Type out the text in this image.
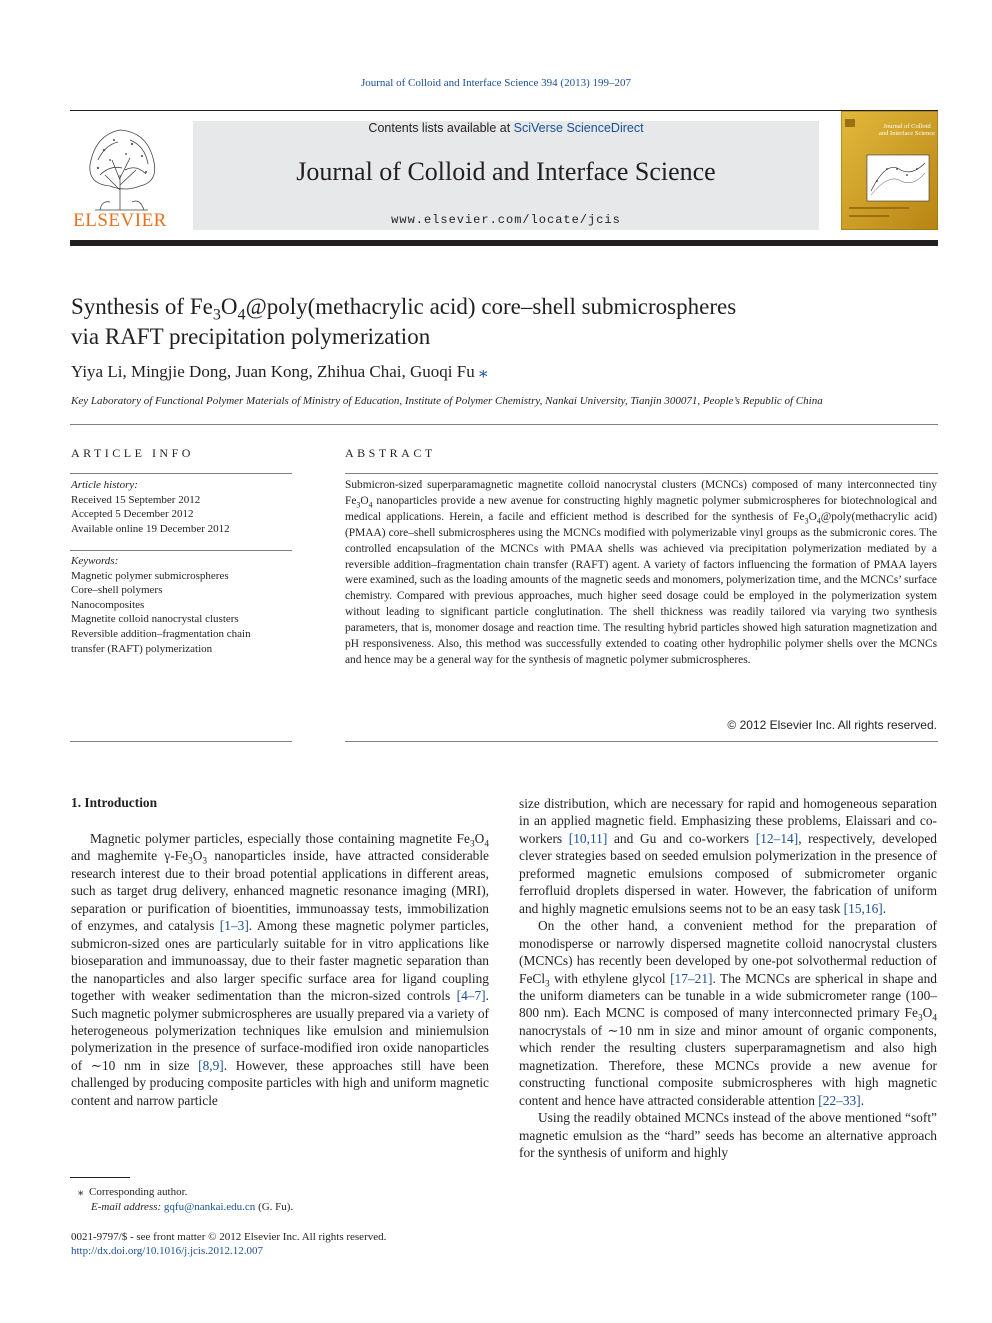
Journal of Colloid and Interface Science 394 (2013) 199–207
ELSEVIER
Contents lists available at SciVerse ScienceDirect
Journal of Colloid and Interface Science
www.elsevier.com/locate/jcis
Journal of Colloid and Interface Science
Synthesis of $Fe_3O_4@poly(methacrylic$ acid) core–shell submicrospheres
via RAFT precipitation polymerization
Yiya Li, Mingjie Dong, Juan Kong, Zhihua Chai, Guoqi Fu ⁎
Key Laboratory of Functional Polymer Materials of Ministry of Education, Institute of Polymer Chemistry, Nankai University, Tianjin 300071, People’s Republic of China
ARTICLE INFO
Article history:
Received 15 September 2012
Accepted 5 December 2012
Available online 19 December 2012
Keywords:
Magnetic polymer submicrospheres
Core–shell polymers
Nanocomposites
Magnetite colloid nanocrystal clusters
Reversible addition–fragmentation chain
transfer (RAFT) polymerization
ABSTRACT
Submicron-sized superparamagnetic magnetite colloid nanocrystal clusters (MCNCs) composed of many interconnected tiny $Fe_3O_4$ nanoparticles provide a new avenue for constructing highly magnetic polymer submicrospheres for biotechnological and medical applications. Herein, a facile and efficient method is described for the synthesis of $Fe_3O_4@poly(methacrylic$ acid) (PMAA) core–shell submicrospheres using the MCNCs modified with polymerizable vinyl groups as the submicronic cores. The controlled encapsulation of the MCNCs with PMAA shells was achieved via precipitation polymerization mediated by a reversible addition–fragmentation chain transfer (RAFT) agent. A variety of factors influencing the formation of PMAA layers were examined, such as the loading amounts of the magnetic seeds and monomers, polymerization time, and the MCNCs’ surface chemistry. Compared with previous approaches, much higher seed dosage could be employed in the polymerization system without leading to significant particle conglutination. The shell thickness was readily tailored via varying two synthesis parameters, that is, monomer dosage and reaction time. The resulting hybrid particles showed high saturation magnetization and pH responsiveness. Also, this method was successfully extended to coating other hydrophilic polymer shells over the MCNCs and hence may be a general way for the synthesis of magnetic polymer submicrospheres.
© 2012 Elsevier Inc. All rights reserved.
1. Introduction

Magnetic polymer particles, especially those containing magnetite $Fe_3O_4$ and maghemite $\gamma-Fe_3O_3$ nanoparticles inside, have attracted considerable research interest due to their broad potential applications in different areas, such as target drug delivery, enhanced magnetic resonance imaging (MRI), separation or purification of bioentities, immunoassay tests, immobilization of enzymes, and catalysis [1–3]. Among these magnetic polymer particles, submicron-sized ones are particularly suitable for in vitro applications like bioseparation and immunoassay, due to their faster magnetic separation than the nanoparticles and also larger specific surface area for ligand coupling together with weaker sedimentation than the micron-sized controls [4–7]. Such magnetic polymer submicrospheres are usually prepared via a variety of heterogeneous polymerization techniques like emulsion and miniemulsion polymerization in the presence of surface-modified iron oxide nanoparticles of ∼10 nm in size [8,9]. However, these approaches still have been challenged by producing composite particles with high and uniform magnetic content and narrow particle

size distribution, which are necessary for rapid and homogeneous separation in an applied magnetic field. Emphasizing these problems, Elaissari and co-workers [10,11] and Gu and co-workers [12–14], respectively, developed clever strategies based on seeded emulsion polymerization in the presence of preformed magnetic emulsions composed of submicrometer organic ferrofluid droplets dispersed in water. However, the fabrication of uniform and highly magnetic emulsions seems not to be an easy task [15,16].

On the other hand, a convenient method for the preparation of monodisperse or narrowly dispersed magnetite colloid nanocrystal clusters (MCNCs) has recently been developed by one-pot solvothermal reduction of FeCl$_3$ with ethylene glycol [17–21]. The MCNCs are spherical in shape and the uniform diameters can be tunable in a wide submicrometer range (100–800 nm). Each MCNC is composed of many interconnected primary $Fe_3O_4$ nanocrystals of ∼10 nm in size and minor amount of organic components, which render the resulting clusters superparamagnetism and also high magnetization. Therefore, these MCNCs provide a new avenue for constructing functional composite submicrospheres with high magnetic content and hence have attracted considerable attention [22–33].

Using the readily obtained MCNCs instead of the above mentioned “soft” magnetic emulsion as the “hard” seeds has become an alternative approach for the synthesis of uniform and highly

⁎ Corresponding author.
E-mail address: gqfu@nankai.edu.cn (G. Fu).
0021-9797/$ - see front matter © 2012 Elsevier Inc. All rights reserved.
http://dx.doi.org/10.1016/j.jcis.2012.12.007
